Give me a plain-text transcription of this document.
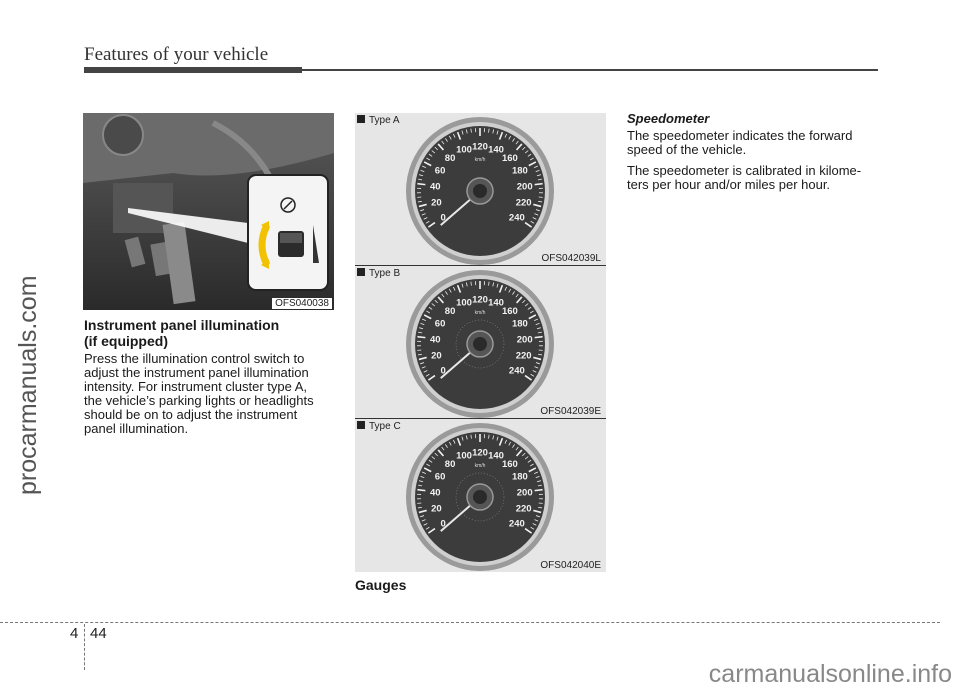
Features of your vehicle
procarmanuals.com	OFS040038
Instrument panel illumination
(if equipped)
Press the illumination control switch to
adjust the instrument panel illumination
intensity. For instrument cluster type A,
the vehicle’s parking lights or headlights
should be on to adjust the instrument
panel illumination.
Type A
0
20
40
60
80
100 120 140
160
180
200
220
240
km/h
OFS042039L
Type B
0
20
40
60
80
100 120 140
160
180
200
220
240
km/h
OFS042039E
Type C
0
20
40
60
80
100 120 140
160
180
200
220
240
km/h
OFS042040E
Gauges
Speedometer
The speedometer indicates the forward
speed of the vehicle.
The speedometer is calibrated in kilome-
ters per hour and/or miles per hour.
4 44
carmanualsonline.info
